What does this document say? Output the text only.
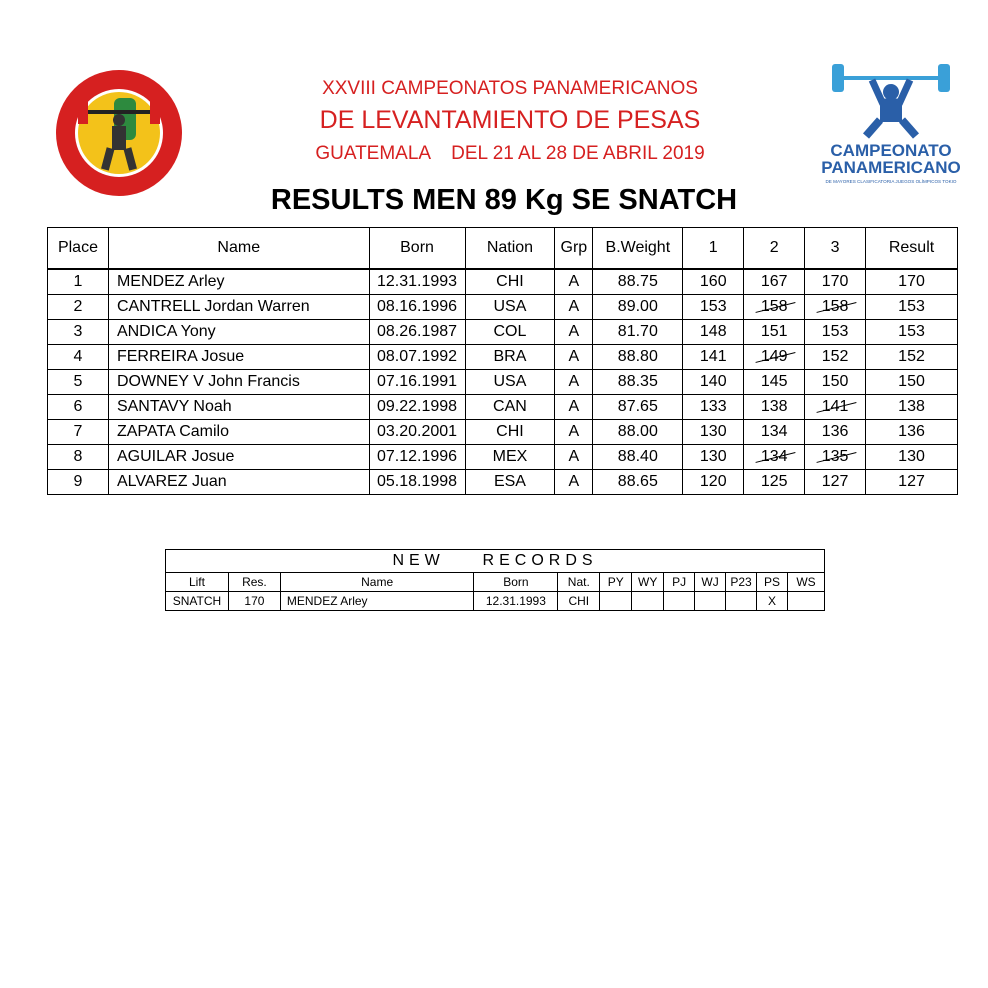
XXVIII CAMPEONATOS PANAMERICANOS
DE LEVANTAMIENTO DE PESAS
GUATEMALA    DEL 21 AL 28 DE ABRIL 2019	CAMPEONATO
PANAMERICANO
DE MAYORES CLASIFICATORIA JUEGOS OLÍMPICOS TOKIO
RESULTS MEN 89 Kg SE SNATCH
Place	Name	Born	Nation	Grp	B.Weight	1	2	3	Result
1	MENDEZ Arley	12.31.1993	CHI	A	88.75	160	167	170	170
2	CANTRELL Jordan Warren	08.16.1996	USA	A	89.00	153	158	158	153
3	ANDICA Yony	08.26.1987	COL	A	81.70	148	151	153	153
4	FERREIRA Josue	08.07.1992	BRA	A	88.80	141	149	152	152
5	DOWNEY V John Francis	07.16.1991	USA	A	88.35	140	145	150	150
6	SANTAVY Noah	09.22.1998	CAN	A	87.65	133	138	141	138
7	ZAPATA Camilo	03.20.2001	CHI	A	88.00	130	134	136	136
8	AGUILAR Josue	07.12.1996	MEX	A	88.40	130	134	135	130
9	ALVAREZ Juan	05.18.1998	ESA	A	88.65	120	125	127	127
NEW    RECORDS											
Lift	Res.	Name	Born	Nat.	PY	WY	PJ	WJ	P23	PS	WS
SNATCH	170	MENDEZ Arley	12.31.1993	CHI						X	
